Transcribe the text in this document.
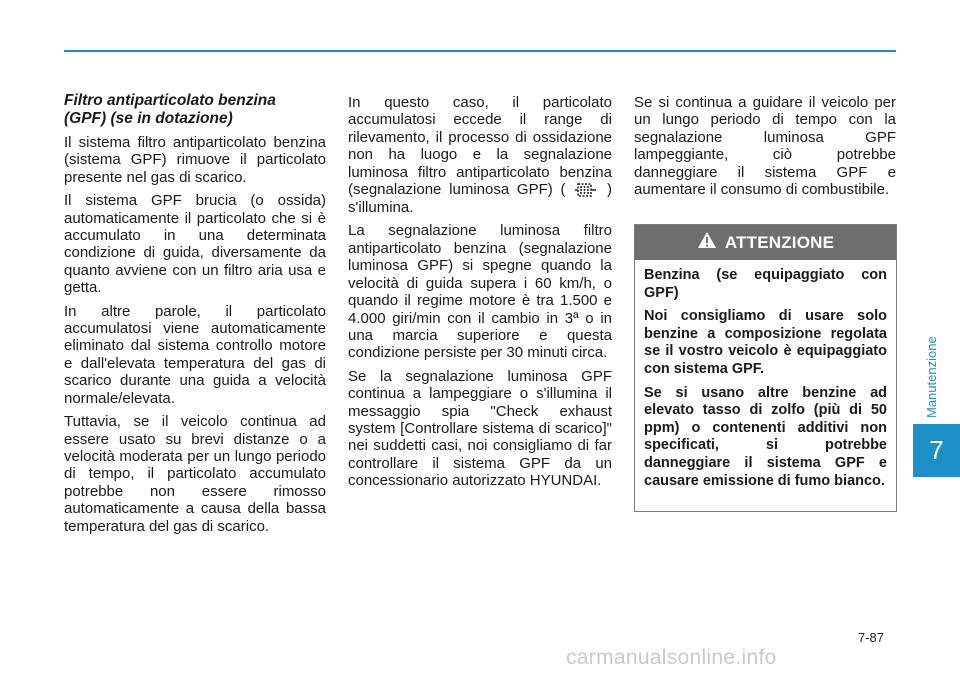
Filtro antiparticolato benzina
(GPF) (se in dotazione)

Il sistema filtro antiparticolato benzina (sistema GPF) rimuove il particolato presente nel gas di scarico.

Il sistema GPF brucia (o ossida) automaticamente il particolato che si è accumulato in una determinata condizione di guida, diversamente da quanto avviene con un filtro aria usa e getta.

In altre parole, il particolato accumulatosi viene automaticamente eliminato dal sistema controllo motore e dall'elevata temperatura del gas di scarico durante una guida a velocità normale/elevata.

Tuttavia, se il veicolo continua ad essere usato su brevi distanze o a velocità moderata per un lungo periodo di tempo, il particolato accumulato potrebbe non essere rimosso automaticamente a causa della bassa temperatura del gas di scarico.

In questo caso, il particolato accumulatosi eccede il range di rilevamento, il processo di ossidazione non ha luogo e la segnalazione luminosa filtro antiparticolato benzina (segnalazione luminosa GPF) (	) s'illumina.

La segnalazione luminosa filtro antiparticolato benzina (segnalazione luminosa GPF) si spegne quando la velocità di guida supera i 60 km/h, o quando il regime motore è tra 1.500 e 4.000 giri/min con il cambio in 3ª o in una marcia superiore e questa condizione persiste per 30 minuti circa.

Se la segnalazione luminosa GPF continua a lampeggiare o s'illumina il messaggio spia "Check exhaust system [Controllare sistema di scarico]" nei suddetti casi, noi consigliamo di far controllare il sistema GPF da un concessionario autorizzato HYUNDAI.

Se si continua a guidare il veicolo per un lungo periodo di tempo con la segnalazione luminosa GPF lampeggiante, ciò potrebbe danneggiare il sistema GPF e aumentare il consumo di combustibile.

ATTENZIONE

Benzina (se equipaggiato con GPF)

Noi consigliamo di usare solo benzine a composizione regolata se il vostro veicolo è equipaggiato con sistema GPF.

Se si usano altre benzine ad elevato tasso di zolfo (più di 50 ppm) o contenenti additivi non specificati, si potrebbe danneggiare il sistema GPF e causare emissione di fumo bianco.

Manutenzione
7
7-87
carmanualsonline.info
